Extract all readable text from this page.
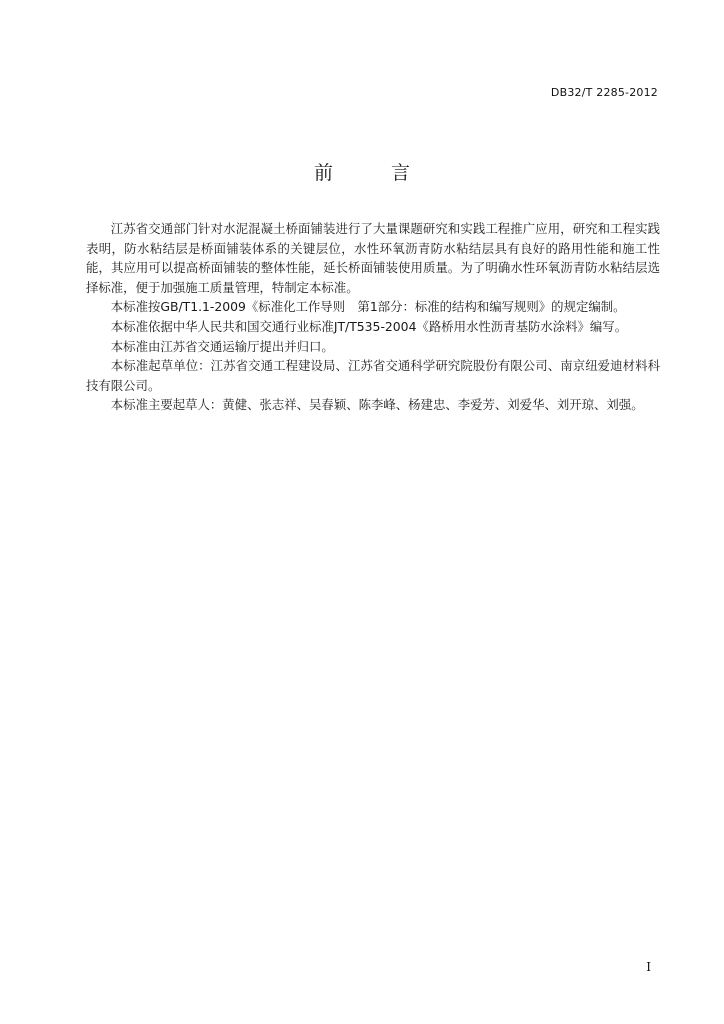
DB32/T 2285-2012
前 言

江苏省交通部门针对水泥混凝土桥面铺装进行了大量课题研究和实践工程推广应用，研究和工程实践表明，防水粘结层是桥面铺装体系的关键层位，水性环氧沥青防水粘结层具有良好的路用性能和施工性能，其应用可以提高桥面铺装的整体性能，延长桥面铺装使用质量。为了明确水性环氧沥青防水粘结层选择标准，便于加强施工质量管理，特制定本标准。

本标准按GB/T1.1-2009《标准化工作导则　第1部分：标准的结构和编写规则》的规定编制。

本标准依据中华人民共和国交通行业标准JT/T535-2004《路桥用水性沥青基防水涂料》编写。

本标准由江苏省交通运输厅提出并归口。

本标准起草单位：江苏省交通工程建设局、江苏省交通科学研究院股份有限公司、南京纽爱迪材料科技有限公司。

本标准主要起草人：黄健、张志祥、吴春颖、陈李峰、杨建忠、李爱芳、刘爱华、刘开琼、刘强。

I
